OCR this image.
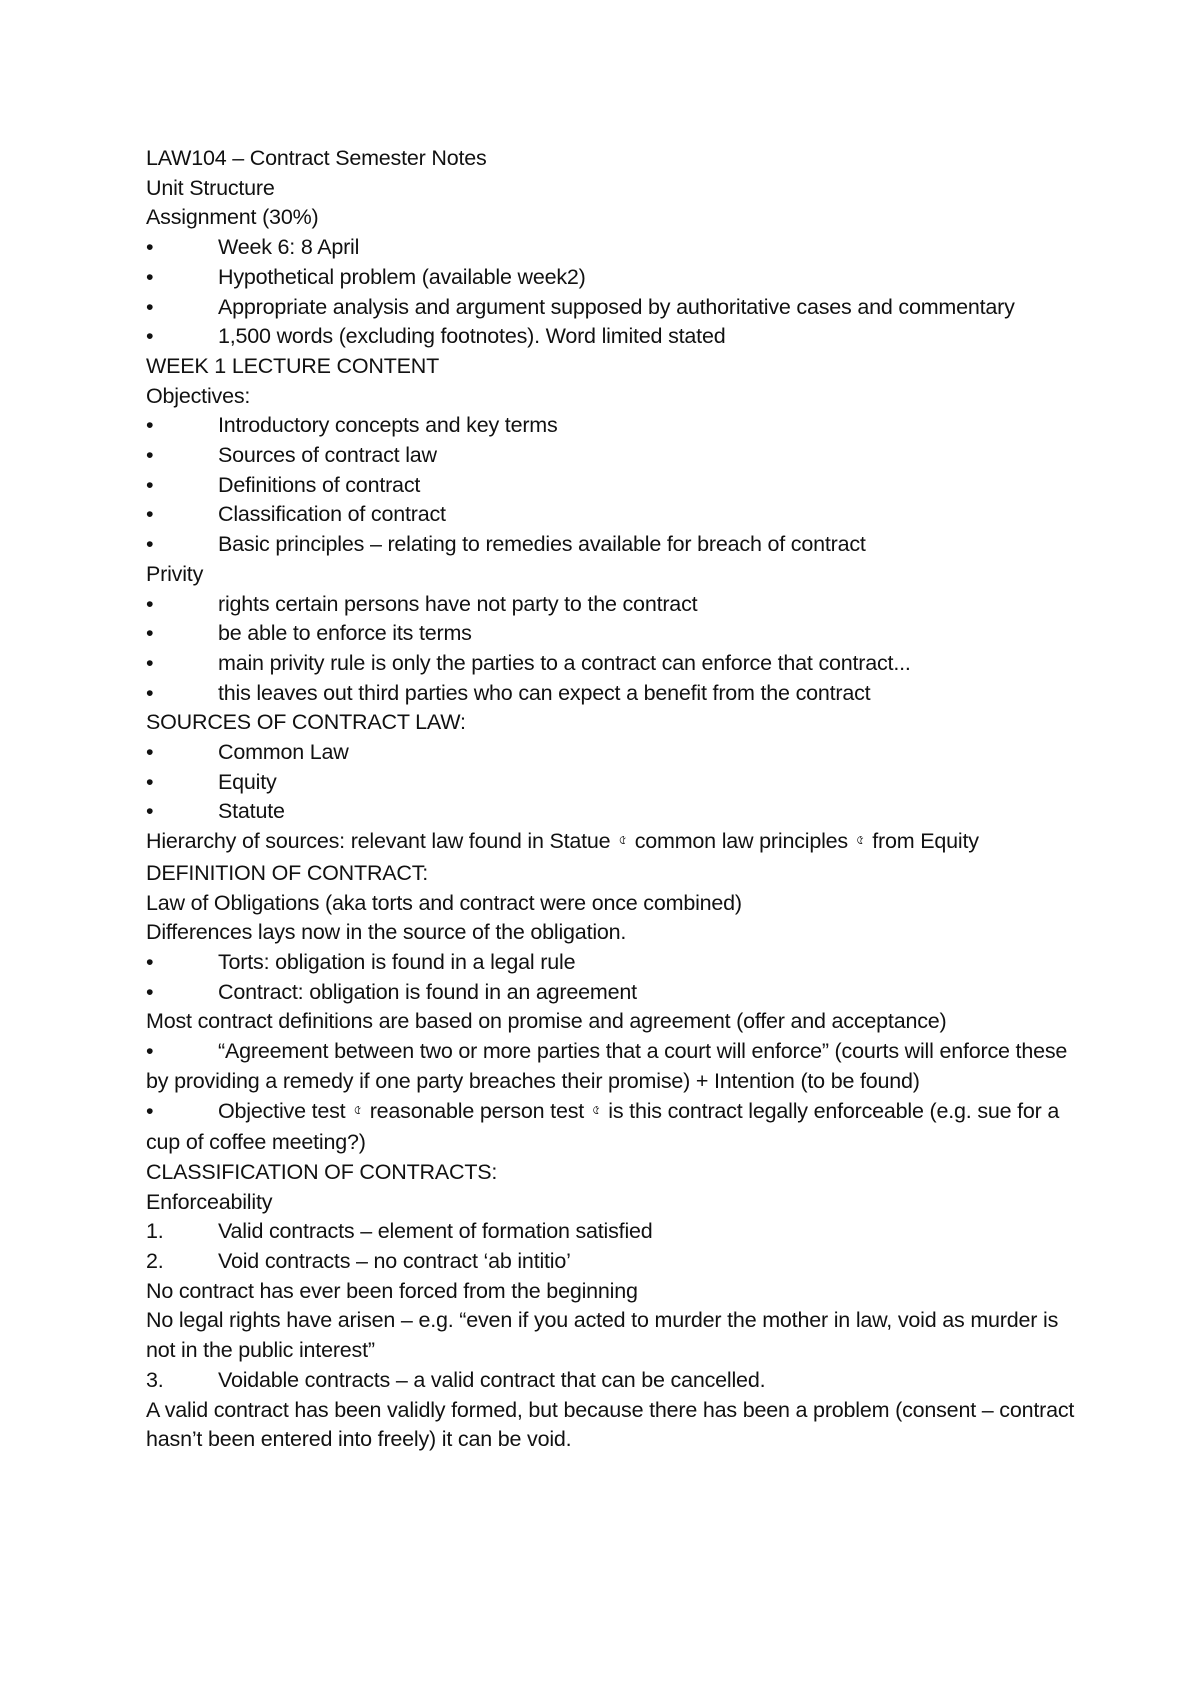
LAW104 – Contract Semester Notes
Unit Structure
Assignment (30%)
•	Week 6: 8 April
•	Hypothetical problem (available week2)
•	Appropriate analysis and argument supposed by authoritative cases and commentary
•	1,500 words (excluding footnotes). Word limited stated
WEEK 1 LECTURE CONTENT
Objectives:
•	Introductory concepts and key terms
•	Sources of contract law
•	Definitions of contract
•	Classification of contract
•	Basic principles – relating to remedies available for breach of contract
Privity
•	rights certain persons have not party to the contract
•	be able to enforce its terms
•	main privity rule is only the parties to a contract can enforce that contract...
•	this leaves out third parties who can expect a benefit from the contract
SOURCES OF CONTRACT LAW:
•	Common Law
•	Equity
•	Statute
Hierarchy of sources: relevant law found in Statue ৫ common law principles ৫ from Equity
DEFINITION OF CONTRACT:
Law of Obligations (aka torts and contract were once combined)
Differences lays now in the source of the obligation.
•	Torts: obligation is found in a legal rule
•	Contract: obligation is found in an agreement
Most contract definitions are based on promise and agreement (offer and acceptance)
•	“Agreement between two or more parties that a court will enforce” (courts will enforce these by providing a remedy if one party breaches their promise) + Intention (to be found)
•	Objective test ৫ reasonable person test ৫ is this contract legally enforceable (e.g. sue for a cup of coffee meeting?)
CLASSIFICATION OF CONTRACTS:
Enforceability
1.	Valid contracts – element of formation satisfied
2.	Void contracts – no contract ‘ab intitio’
No contract has ever been forced from the beginning
No legal rights have arisen – e.g. “even if you acted to murder the mother in law, void as murder is not in the public interest”
3.	Voidable contracts – a valid contract that can be cancelled.
A valid contract has been validly formed, but because there has been a problem (consent – contract hasn’t been entered into freely) it can be void.
